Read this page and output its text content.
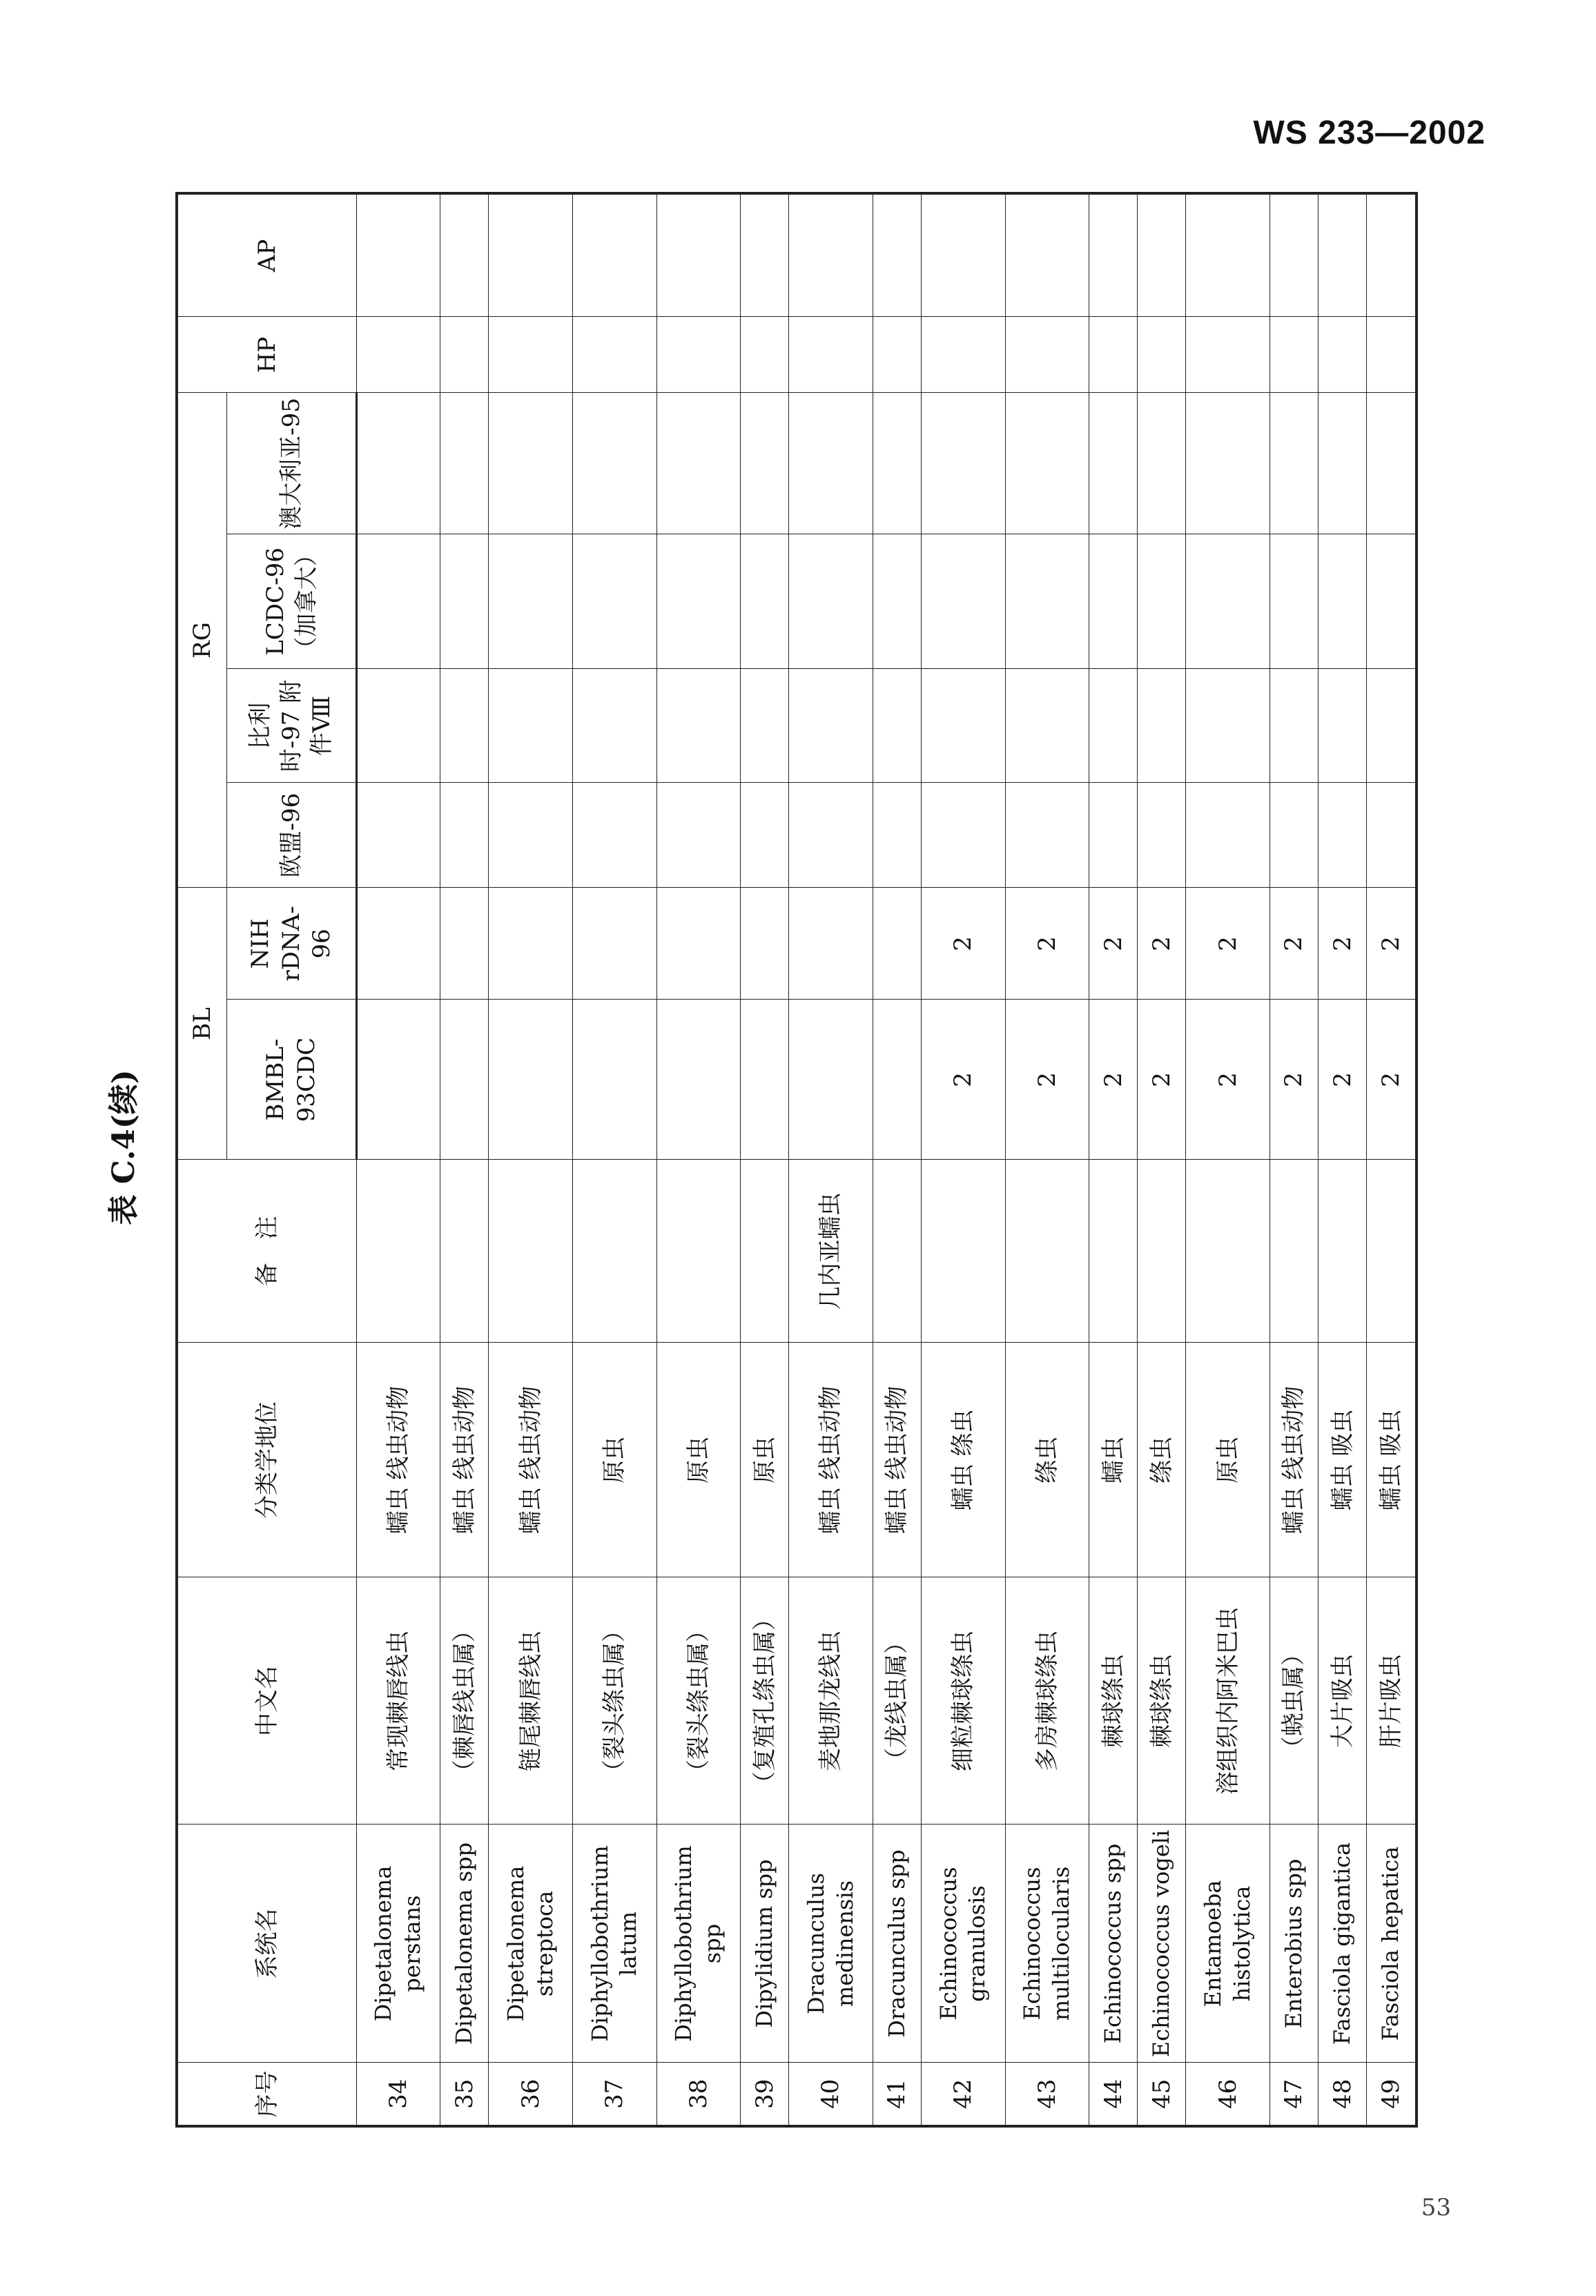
WS 233—2002
表 C.4(续)
序号	系统名	中文名	分类学地位	备　注	BL		RG				HP	AP
					BMBL-93CDC	NIH rDNA-96	欧盟-96	比利时-97 附件Ⅷ	LCDC-96 （加拿大）	澳大利亚-95		
34	Dipetalonema perstans	常现棘唇线虫	蠕虫 线虫动物									
35	Dipetalonema spp	（棘唇线虫属）	蠕虫 线虫动物									
36	Dipetalonema streptoca	链尾棘唇线虫	蠕虫 线虫动物									
37	Diphyllobothrium latum	（裂头绦虫属）	原虫									
38	Diphyllobothrium spp	（裂头绦虫属）	原虫									
39	Dipylidium spp	（复殖孔绦虫属）	原虫									
40	Dracunculus medinensis	麦地那龙线虫	蠕虫 线虫动物	几内亚蠕虫								
41	Dracunculus spp	（龙线虫属）	蠕虫 线虫动物									
42	Echinococcus granulosis	细粒棘球绦虫	蠕虫 绦虫		2	2						
43	Echinococcus multilocularis	多房棘球绦虫	绦虫		2	2						
44	Echinococcus spp	棘球绦虫	蠕虫		2	2						
45	Echinococcus vogeli	棘球绦虫	绦虫		2	2						
46	Entamoeba histolytica	溶组织内阿米巴虫	原虫		2	2						
47	Enterobius spp	（蛲虫属）	蠕虫 线虫动物		2	2						
48	Fasciola gigantica	大片吸虫	蠕虫 吸虫		2	2						
49	Fasciola hepatica	肝片吸虫	蠕虫 吸虫		2	2						
53
